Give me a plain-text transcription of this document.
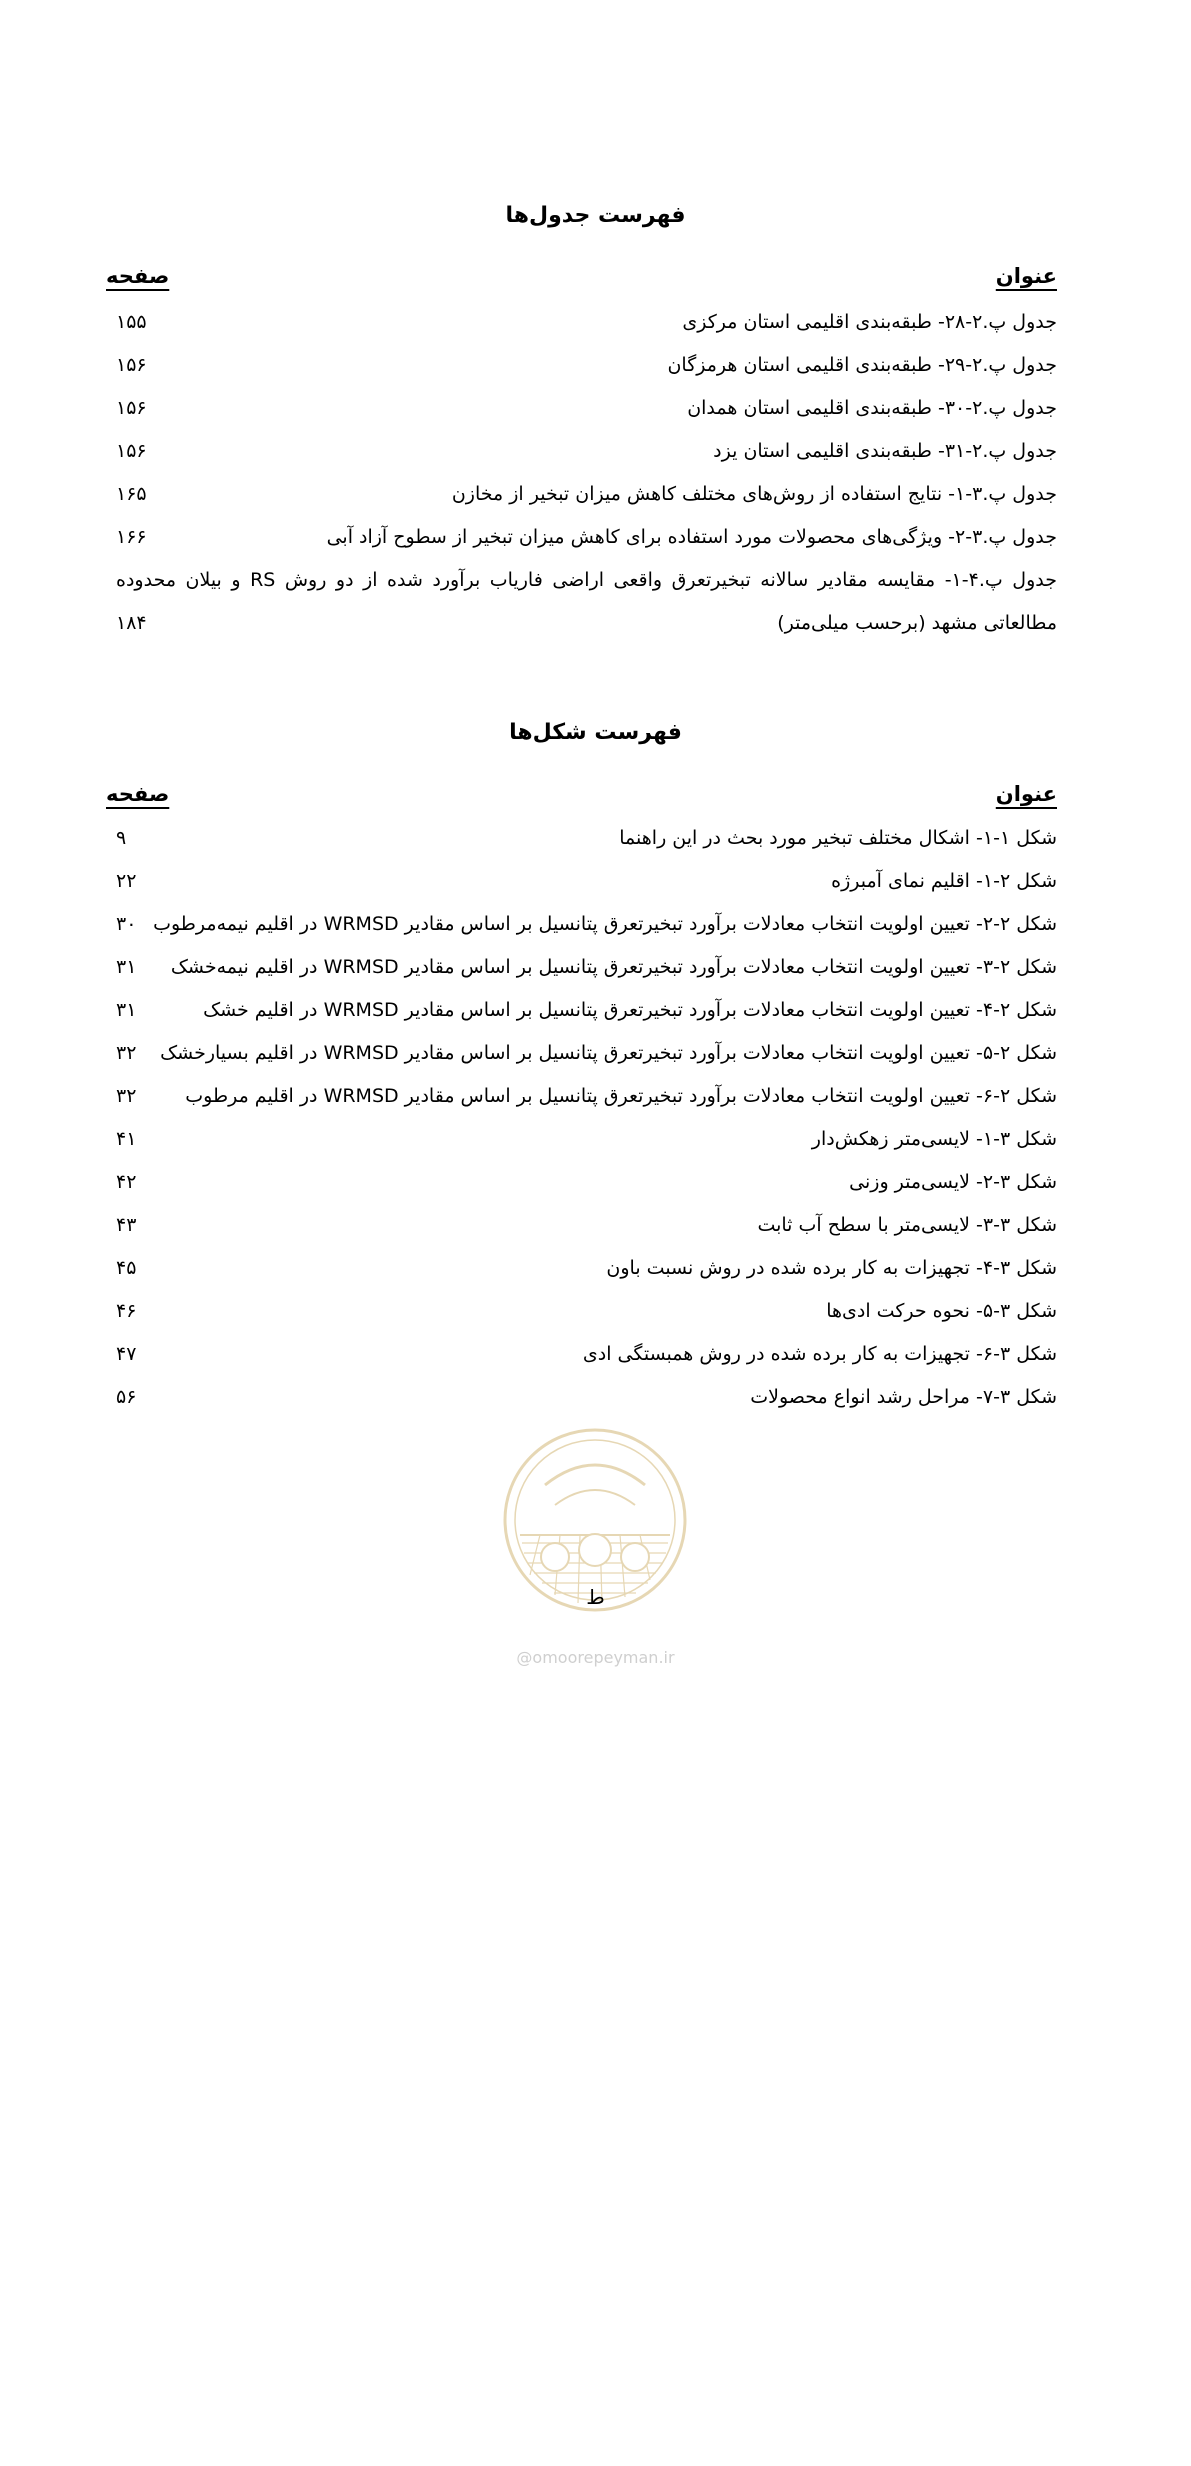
فهرست جدول‌ها
عنوان
صفحه
جدول پ.۲-۲۸- طبقه‌بندی اقلیمی استان مرکزی
۱۵۵
جدول پ.۲-۲۹- طبقه‌بندی اقلیمی استان هرمزگان
۱۵۶
جدول پ.۲-۳۰- طبقه‌بندی اقلیمی استان همدان
۱۵۶
جدول پ.۲-۳۱- طبقه‌بندی اقلیمی استان یزد
۱۵۶
جدول پ.۳-۱- نتایج استفاده از روش‌های مختلف کاهش میزان تبخیر از مخازن
۱۶۵
جدول پ.۳-۲- ویژگی‌های محصولات مورد استفاده برای کاهش میزان تبخیر از سطوح آزاد آبی
۱۶۶
جدول پ.۴-۱- مقایسه مقادیر سالانه تبخیرتعرق واقعی اراضی فاریاب برآورد شده از دو روش RS و بیلان محدوده
مطالعاتی مشهد (برحسب میلی‌متر)
۱۸۴
فهرست شکل‌ها
عنوان
صفحه
شکل ۱-۱- اشکال مختلف تبخیر مورد بحث در این راهنما
۹
شکل ۲-۱- اقلیم نمای آمبرژه
۲۲
شکل ۲-۲- تعیین اولویت انتخاب معادلات برآورد تبخیرتعرق پتانسیل بر اساس مقادیر WRMSD در اقلیم نیمه‌مرطوب
۳۰
شکل ۲-۳- تعیین اولویت انتخاب معادلات برآورد تبخیرتعرق پتانسیل بر اساس مقادیر WRMSD در اقلیم نیمه‌خشک
۳۱
شکل ۲-۴- تعیین اولویت انتخاب معادلات برآورد تبخیرتعرق پتانسیل بر اساس مقادیر WRMSD در اقلیم خشک
۳۱
شکل ۲-۵- تعیین اولویت انتخاب معادلات برآورد تبخیرتعرق پتانسیل بر اساس مقادیر WRMSD در اقلیم بسیارخشک
۳۲
شکل ۲-۶- تعیین اولویت انتخاب معادلات برآورد تبخیرتعرق پتانسیل بر اساس مقادیر WRMSD در اقلیم مرطوب
۳۲
شکل ۳-۱- لایسی‌متر زهکش‌دار
۴۱
شکل ۳-۲- لایسی‌متر وزنی
۴۲
شکل ۳-۳- لایسی‌متر با سطح آب ثابت
۴۳
شکل ۳-۴- تجهیزات به کار برده شده در روش نسبت باون
۴۵
شکل ۳-۵- نحوه حرکت ادی‌ها
۴۶
شکل ۳-۶- تجهیزات به کار برده شده در روش همبستگی ادی
۴۷
شکل ۳-۷- مراحل رشد انواع محصولات
۵۶
ط
@omoorepeyman.ir
